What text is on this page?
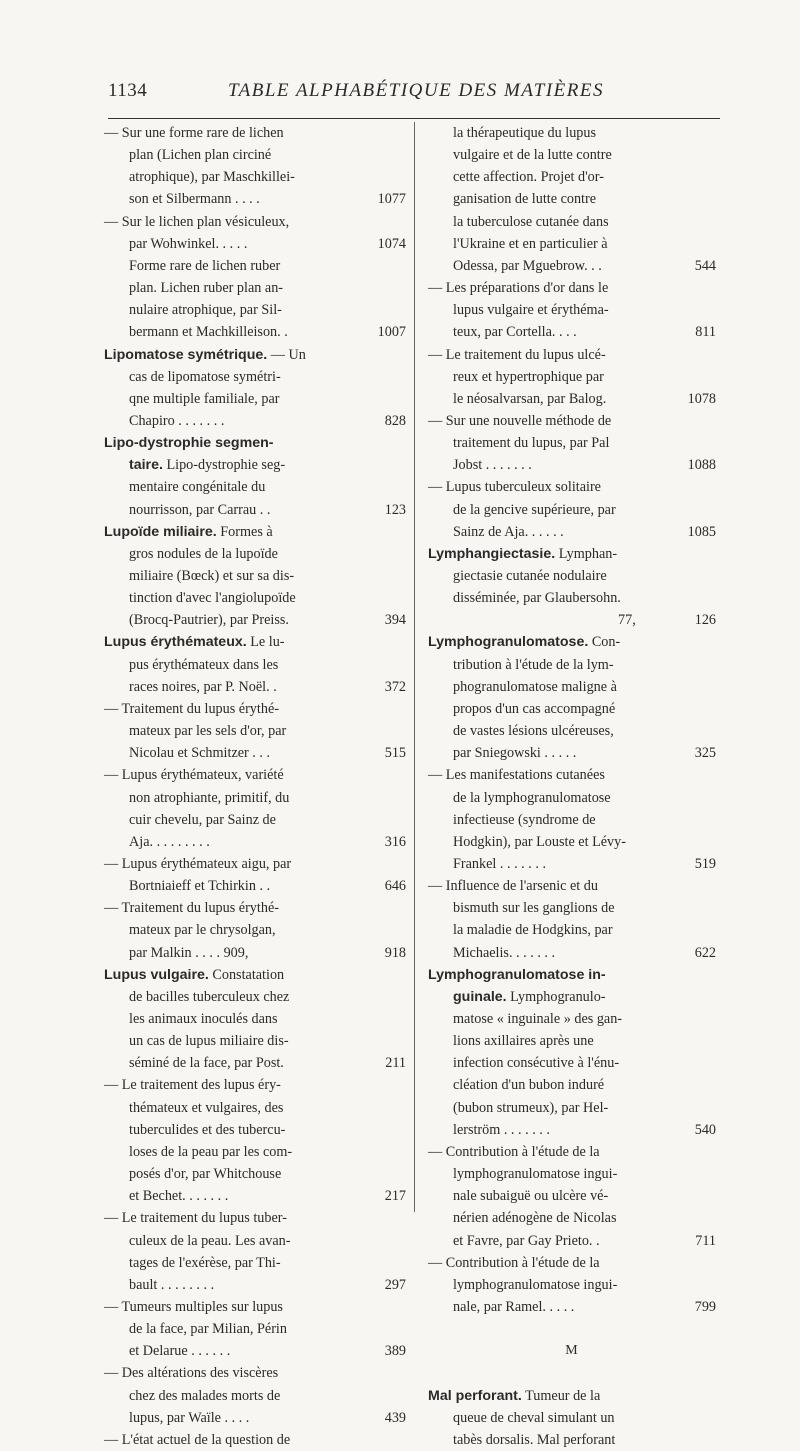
1134	TABLE ALPHABÉTIQUE DES MATIÈRES
— Sur une forme rare de lichen
plan (Lichen plan circiné
atrophique), par Maschkillei-
son et Silbermann . . . .	1077
— Sur le lichen plan vésiculeux,
par Wohwinkel. . . . .	1074
Forme rare de lichen ruber
plan. Lichen ruber plan an-
nulaire atrophique, par Sil-
bermann et Machkilleison. .	1007
Lipomatose symétrique. — Un
cas de lipomatose symétri-
qne multiple familiale, par
Chapiro . . . . . . .	828
Lipo-dystrophie segmen-
taire. Lipo-dystrophie seg-
mentaire congénitale du
nourrisson, par Carrau . .	123
Lupoïde miliaire. Formes à
gros nodules de la lupoïde
miliaire (Bœck) et sur sa dis-
tinction d'avec l'angiolupoïde
(Brocq-Pautrier), par Preiss.	394
Lupus érythémateux. Le lu-
pus érythémateux dans les
races noires, par P. Noël. .	372
— Traitement du lupus érythé-
mateux par les sels d'or, par
Nicolau et Schmitzer . . .	515
— Lupus érythémateux, variété
non atrophiante, primitif, du
cuir chevelu, par Sainz de
Aja. . . . . . . . .	316
— Lupus érythémateux aigu, par
Bortniaieff et Tchirkin . .	646
— Traitement du lupus érythé-
mateux par le chrysolgan,
par Malkin . . . . 909,	918
Lupus vulgaire. Constatation
de bacilles tuberculeux chez
les animaux inoculés dans
un cas de lupus miliaire dis-
séminé de la face, par Post.	211
— Le traitement des lupus éry-
thémateux et vulgaires, des
tuberculides et des tubercu-
loses de la peau par les com-
posés d'or, par Whitchouse
et Bechet. . . . . . .	217
— Le traitement du lupus tuber-
culeux de la peau. Les avan-
tages de l'exérèse, par Thi-
bault . . . . . . . .	297
— Tumeurs multiples sur lupus
de la face, par Milian, Périn
et Delarue . . . . . .	389
— Des altérations des viscères
chez des malades morts de
lupus, par Waïle . . . .	439
— L'état actuel de la question de
la thérapeutique du lupus
vulgaire et de la lutte contre
cette affection. Projet d'or-
ganisation de lutte contre
la tuberculose cutanée dans
l'Ukraine et en particulier à
Odessa, par Mguebrow. . .	544
— Les préparations d'or dans le
lupus vulgaire et érythéma-
teux, par Cortella. . . .	811
— Le traitement du lupus ulcé-
reux et hypertrophique par
le néosalvarsan, par Balog.	1078
— Sur une nouvelle méthode de
traitement du lupus, par Pal
Jobst . . . . . . .	1088
— Lupus tuberculeux solitaire
de la gencive supérieure, par
Sainz de Aja. . . . . .	1085
Lymphangiectasie. Lymphan-
giectasie cutanée nodulaire
disséminée, par Glaubersohn.
77,	126
Lymphogranulomatose. Con-
tribution à l'étude de la lym-
phogranulomatose maligne à
propos d'un cas accompagné
de vastes lésions ulcéreuses,
par Sniegowski . . . . .	325
— Les manifestations cutanées
de la lymphogranulomatose
infectieuse (syndrome de
Hodgkin), par Louste et Lévy-
Frankel . . . . . . .	519
— Influence de l'arsenic et du
bismuth sur les ganglions de
la maladie de Hodgkins, par
Michaelis. . . . . . .	622
Lymphogranulomatose in-
guinale. Lymphogranulo-
matose « inguinale » des gan-
lions axillaires après une
infection consécutive à l'énu-
cléation d'un bubon induré
(bubon strumeux), par Hel-
lerström . . . . . . .	540
— Contribution à l'étude de la
lymphogranulomatose ingui-
nale subaiguë ou ulcère vé-
nérien adénogène de Nicolas
et Favre, par Gay Prieto. .	711
— Contribution à l'étude de la
lymphogranulomatose ingui-
nale, par Ramel. . . . .	799
M
Mal perforant. Tumeur de la
queue de cheval simulant un
tabès dorsalis. Mal perforant
